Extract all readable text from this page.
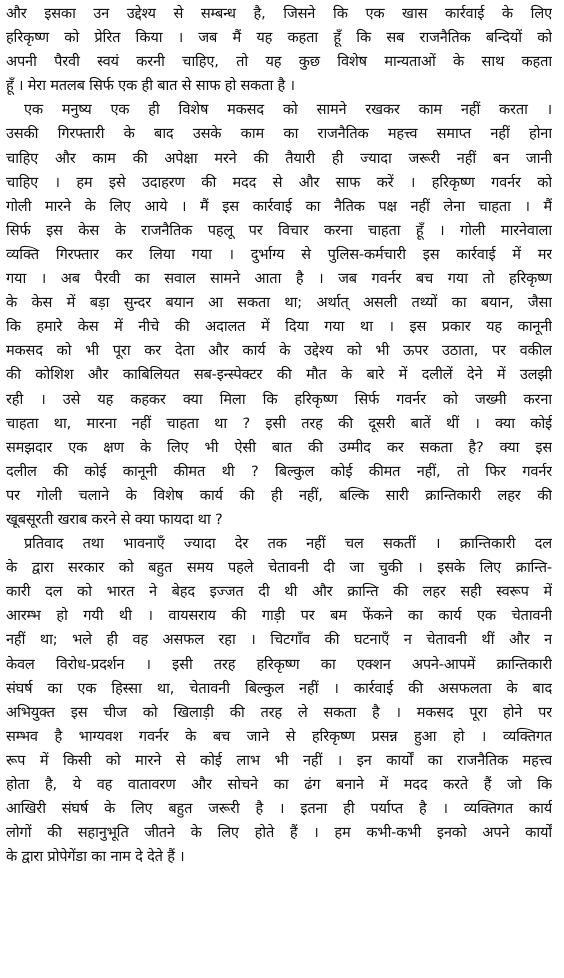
और इसका उन उद्देश्य से सम्बन्ध है, जिसने कि एक खास कार्रवाई के लिए
हरिकृष्ण को प्रेरित किया । जब मैं यह कहता हूँ कि सब राजनैतिक बन्दियों को
अपनी पैरवी स्वयं करनी चाहिए, तो यह कुछ विशेष मान्यताओं के साथ कहता
हूँ । मेरा मतलब सिर्फ एक ही बात से साफ हो सकता है ।
एक मनुष्य एक ही विशेष मकसद को सामने रखकर काम नहीं करता ।
उसकी गिरफ्तारी के बाद उसके काम का राजनैतिक महत्त्व समाप्त नहीं होना
चाहिए और काम की अपेक्षा मरने की तैयारी ही ज्यादा जरूरी नहीं बन जानी
चाहिए । हम इसे उदाहरण की मदद से और साफ करें । हरिकृष्ण गवर्नर को
गोली मारने के लिए आये । मैं इस कार्रवाई का नैतिक पक्ष नहीं लेना चाहता । मैं
सिर्फ इस केस के राजनैतिक पहलू पर विचार करना चाहता हूँ । गोली मारनेवाला
व्यक्ति गिरफ्तार कर लिया गया । दुर्भाग्य से पुलिस-कर्मचारी इस कार्रवाई में मर
गया । अब पैरवी का सवाल सामने आता है । जब गवर्नर बच गया तो हरिकृष्ण
के केस में बड़ा सुन्दर बयान आ सकता था; अर्थात् असली तथ्यों का बयान, जैसा
कि हमारे केस में नीचे की अदालत में दिया गया था । इस प्रकार यह कानूनी
मकसद को भी पूरा कर देता और कार्य के उद्देश्य को भी ऊपर उठाता, पर वकील
की कोशिश और काबिलियत सब-इन्स्पेक्टर की मौत के बारे में दलीलें देने में उलझी
रही । उसे यह कहकर क्या मिला कि हरिकृष्ण सिर्फ गवर्नर को जख्मी करना
चाहता था, मारना नहीं चाहता था ? इसी तरह की दूसरी बातें थीं । क्या कोई
समझदार एक क्षण के लिए भी ऐसी बात की उम्मीद कर सकता है? क्या इस
दलील की कोई कानूनी कीमत थी ? बिल्कुल कोई कीमत नहीं, तो फिर गवर्नर
पर गोली चलाने के विशेष कार्य की ही नहीं, बल्कि सारी क्रान्तिकारी लहर की
खूबसूरती खराब करने से क्या फायदा था ?
प्रतिवाद तथा भावनाएँ ज्यादा देर तक नहीं चल सकतीं । क्रान्तिकारी दल
के द्वारा सरकार को बहुत समय पहले चेतावनी दी जा चुकी । इसके लिए क्रान्ति-
कारी दल को भारत ने बेहद इज्जत दी थी और क्रान्ति की लहर सही स्वरूप में
आरम्भ हो गयी थी । वायसराय की गाड़ी पर बम फेंकने का कार्य एक चेतावनी
नहीं था; भले ही वह असफल रहा । चिटगाँव की घटनाएँ न चेतावनी थीं और न
केवल विरोध-प्रदर्शन । इसी तरह हरिकृष्ण का एक्शन अपने-आपमें क्रान्तिकारी
संघर्ष का एक हिस्सा था, चेतावनी बिल्कुल नहीं । कार्रवाई की असफलता के बाद
अभियुक्त इस चीज को खिलाड़ी की तरह ले सकता है । मकसद पूरा होने पर
सम्भव है भाग्यवश गवर्नर के बच जाने से हरिकृष्ण प्रसन्न हुआ हो । व्यक्तिगत
रूप में किसी को मारने से कोई लाभ भी नहीं । इन कार्यों का राजनैतिक महत्त्व
होता है, ये वह वातावरण और सोचने का ढंग बनाने में मदद करते हैं जो कि
आखिरी संघर्ष के लिए बहुत जरूरी है । इतना ही पर्याप्त है । व्यक्तिगत कार्य
लोगों की सहानुभूति जीतने के लिए होते हैं । हम कभी-कभी इनको अपने कार्यों
के द्वारा प्रोपेगेंडा का नाम दे देते हैं ।
